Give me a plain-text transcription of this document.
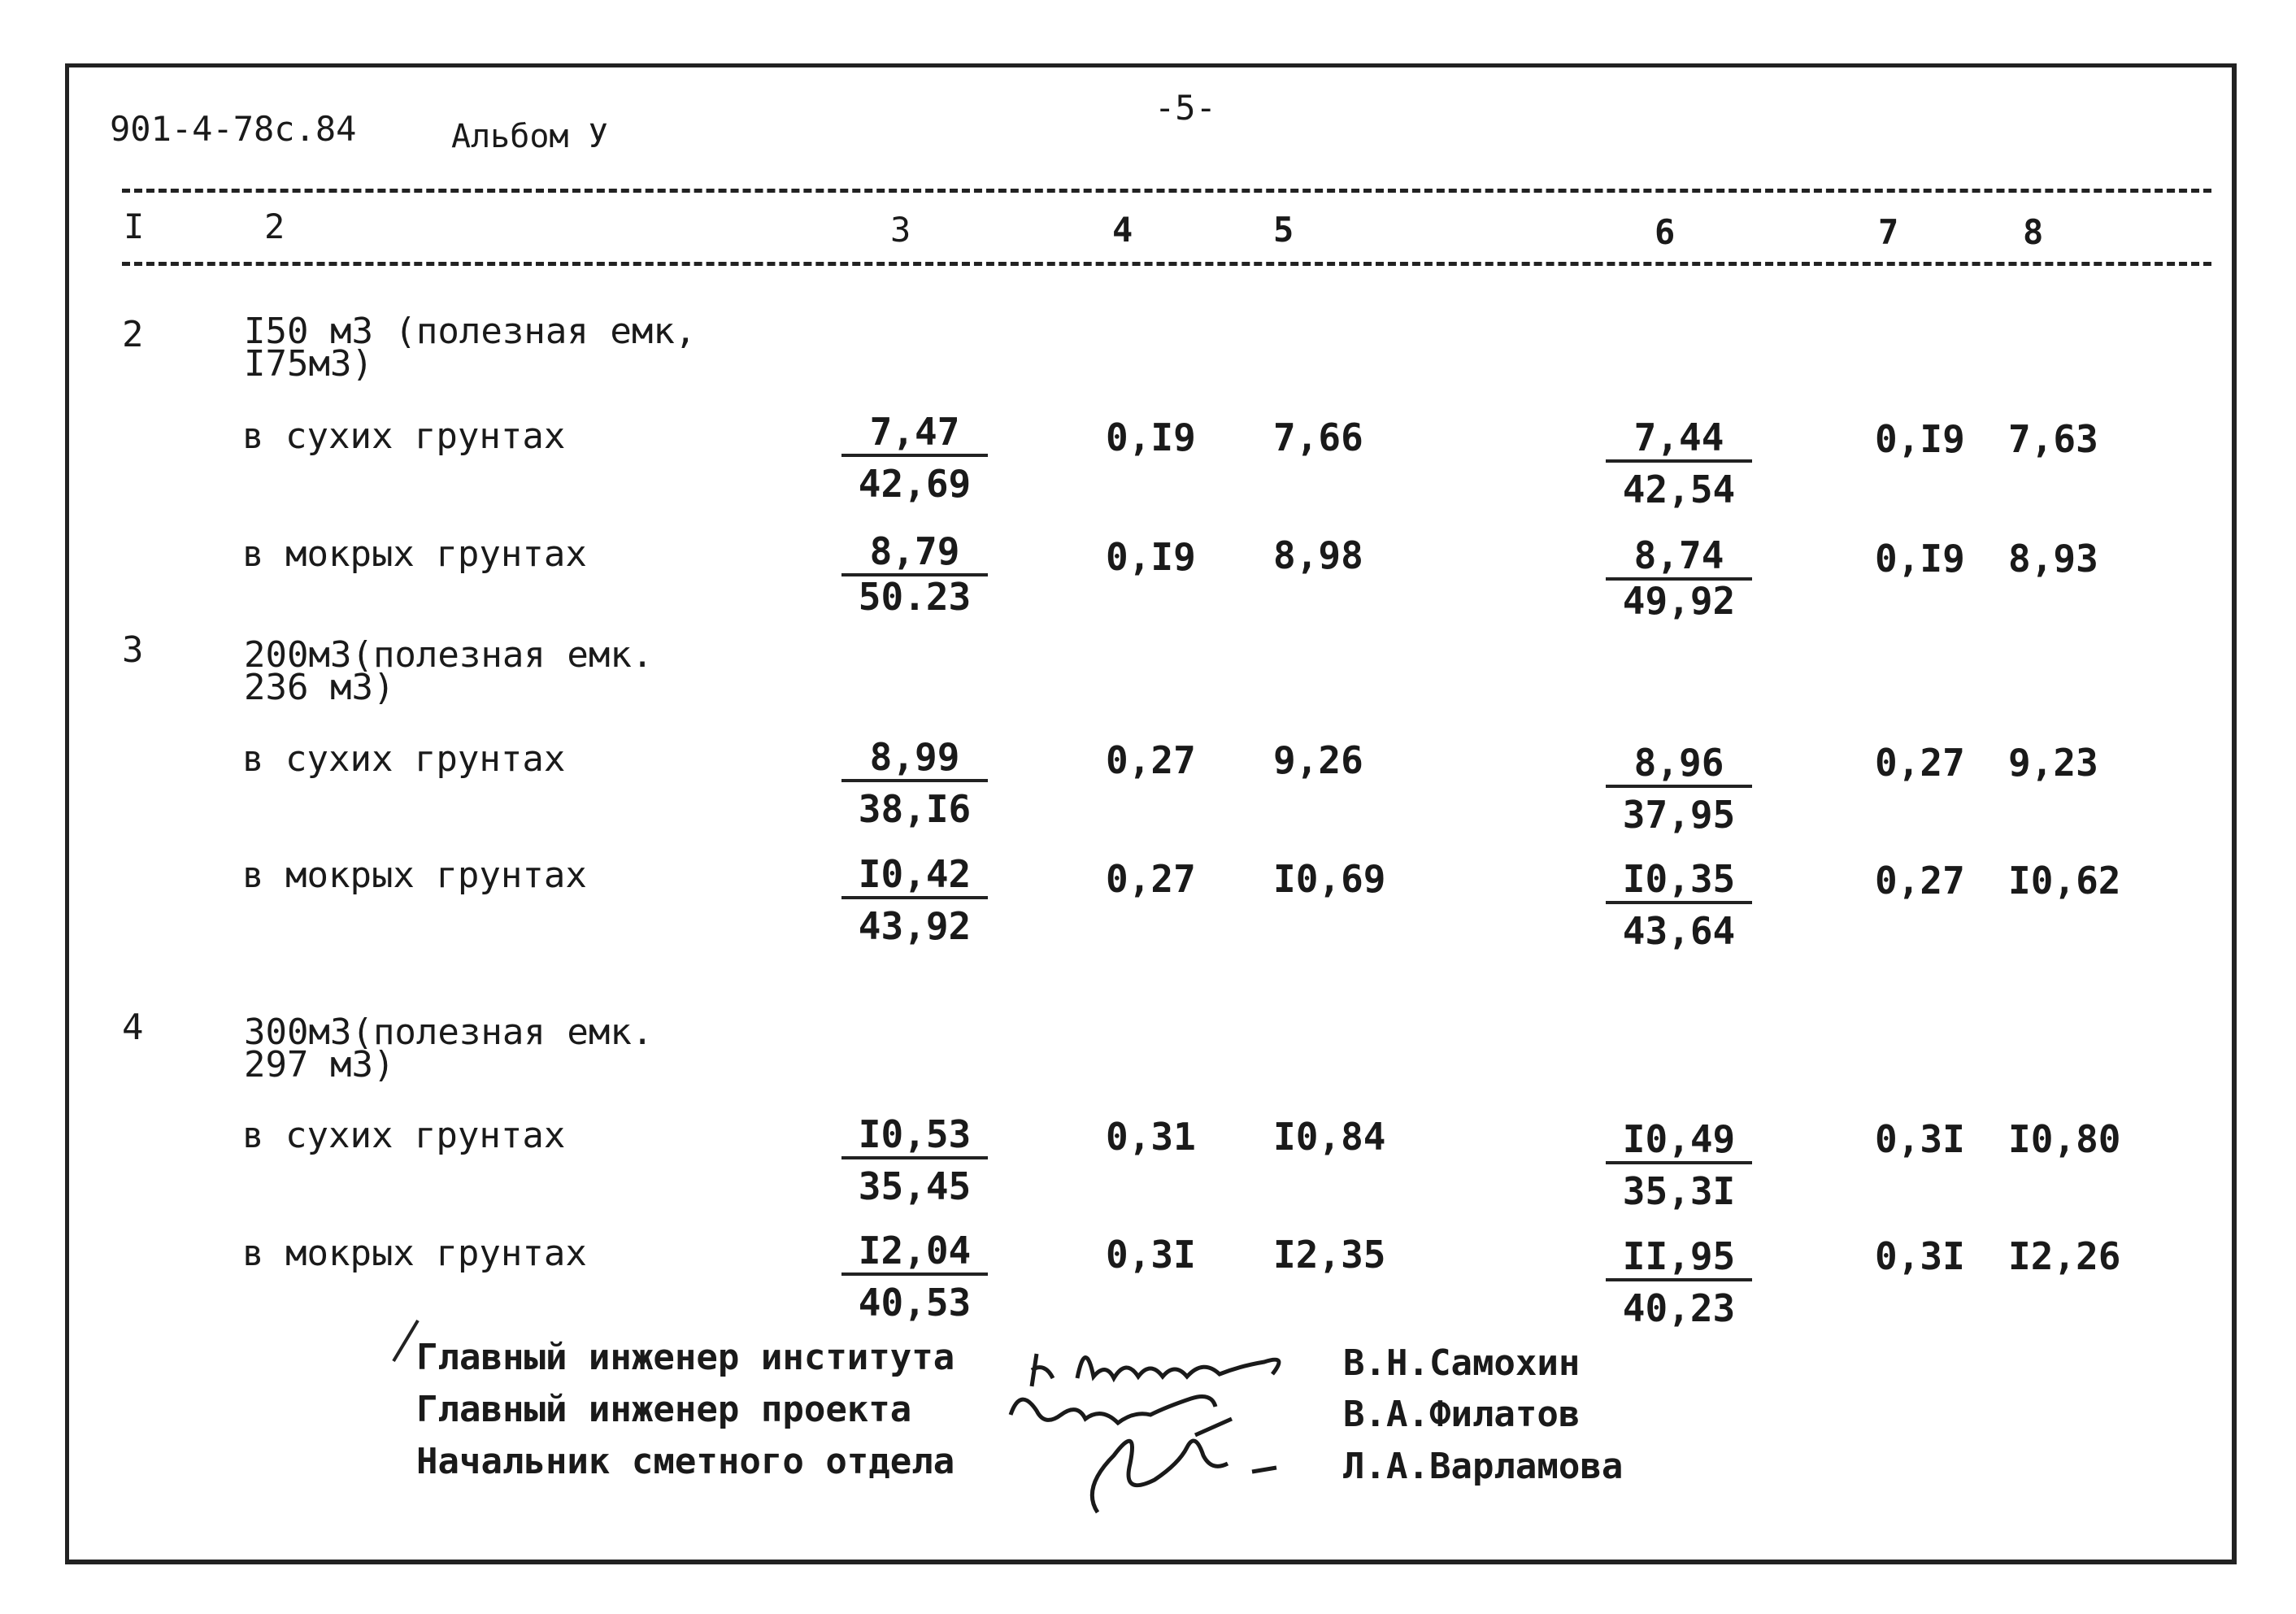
901-4-78с.84	Альбом У
-5-
I	2	3	4	5	6	7	8
2	I50 м3 (полезная емк,
I75м3)
в сухих грунтах	$\frac{7,47}{42,69}$	0,I9 7,66	$\frac{7,44}{42,54}$	0,I9 7,63
в мокрых грунтах	$\frac{8,79}{50.23}$	0,I9 8,98	$\frac{8,74}{49,92}$	0,I9 8,93
3	200м3(полезная емк.
236 м3)
в сухих грунтах	$\frac{8,99}{38,I6}$	0,27 9,26	$\frac{8,96}{37,95}$	0,27 9,23
в мокрых грунтах	$\frac{I0,42}{43,92}$	0,27 I0,69	$\frac{I0,35}{43,64}$	0,27 I0,62
4	300м3(полезная емк.
297 м3)
в сухих грунтах	$\frac{I0,53}{35,45}$	0,31 I0,84	$\frac{I0,49}{35,3I}$	0,3I I0,80
в мокрых грунтах	$\frac{I2,04}{40,53}$	0,3I I2,35	$\frac{II,95}{40,23}$	0,3I I2,26
Главный инженер института
Главный инженер проекта
Начальник сметного отдела
В.Н.Самохин
В.А.Филатов
Л.А.Варламова
